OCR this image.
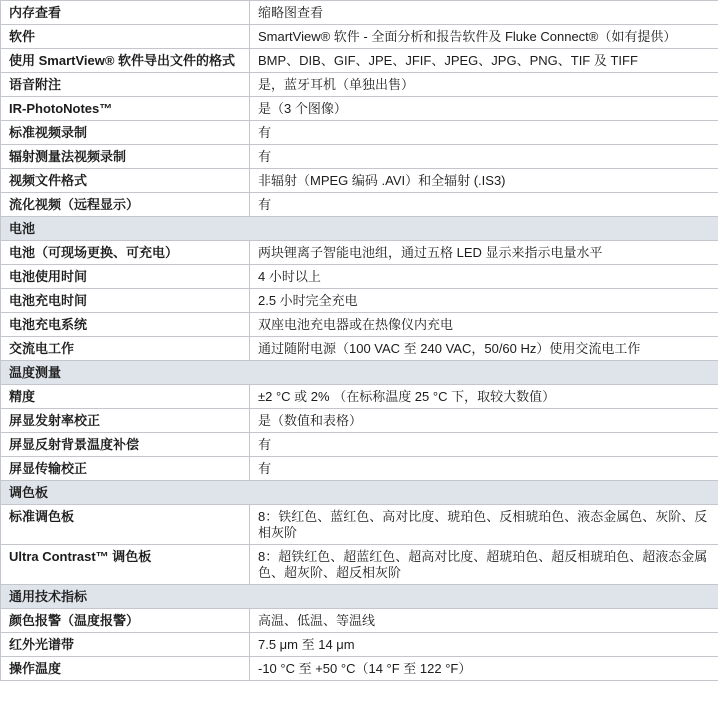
内存查看	缩略图查看
软件	SmartView® 软件 - 全面分析和报告软件及 Fluke Connect®（如有提供）
使用 SmartView® 软件导出文件的格式	BMP、DIB、GIF、JPE、JFIF、JPEG、JPG、PNG、TIF 及 TIFF
语音附注	是，蓝牙耳机（单独出售）
IR-PhotoNotes™	是（3 个图像）
标准视频录制	有
辐射测量法视频录制	有
视频文件格式	非辐射（MPEG 编码 .AVI）和全辐射 (.IS3)
流化视频（远程显示）	有
电池	
电池（可现场更换、可充电）	两块锂离子智能电池组，通过五格 LED 显示来指示电量水平
电池使用时间	4 小时以上
电池充电时间	2.5 小时完全充电
电池充电系统	双座电池充电器或在热像仪内充电
交流电工作	通过随附电源（100 VAC 至 240 VAC，50/60 Hz）使用交流电工作
温度测量	
精度	±2 °C 或 2% （在标称温度 25 °C 下，取较大数值）
屏显发射率校正	是（数值和表格）
屏显反射背景温度补偿	有
屏显传输校正	有
调色板	
标准调色板	8：铁红色、蓝红色、高对比度、琥珀色、反相琥珀色、液态金属色、灰阶、反相灰阶
Ultra Contrast™ 调色板	8：超铁红色、超蓝红色、超高对比度、超琥珀色、超反相琥珀色、超液态金属色、超灰阶、超反相灰阶
通用技术指标	
颜色报警（温度报警）	高温、低温、等温线
红外光谱带	7.5 μm 至 14 μm
操作温度	-10 °C 至 +50 °C（14 °F 至 122 °F）
